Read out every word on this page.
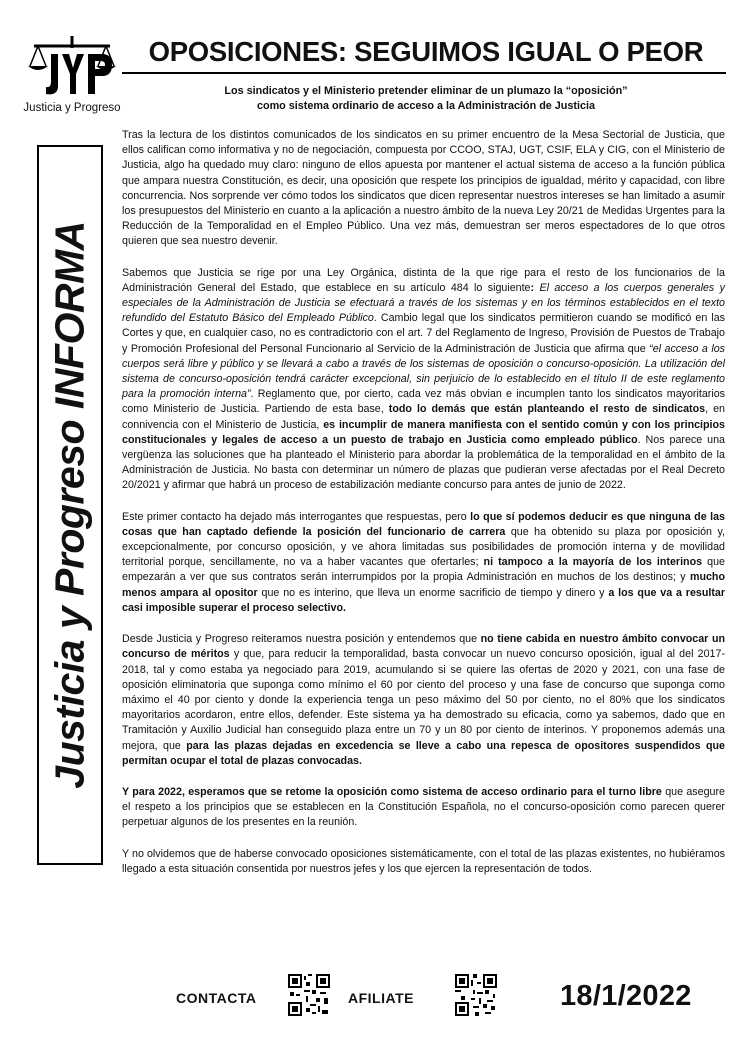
Justicia y Progreso
Justicia y Progreso INFORMA
OPOSICIONES: SEGUIMOS IGUAL O PEOR
Los sindicatos y el Ministerio pretender eliminar de un plumazo la “oposición”
como sistema ordinario de acceso a la Administración de Justicia

Tras la lectura de los distintos comunicados de los sindicatos en su primer encuentro de la Mesa Sectorial de Justicia, que ellos califican como informativa y no de negociación, compuesta por CCOO, STAJ, UGT, CSIF, ELA y CIG, con el Ministerio de Justicia, algo ha quedado muy claro: ninguno de ellos apuesta por mantener el actual sistema de acceso a la función pública que ampara nuestra Constitución, es decir, una oposición que respete los principios de igualdad, mérito y capacidad, con libre concurrencia. Nos sorprende ver cómo todos los sindicatos que dicen representar nuestros intereses se han limitado a asumir los presupuestos del Ministerio en cuanto a la aplicación a nuestro ámbito de la nueva Ley 20/21 de Medidas Urgentes para la Reducción de la Temporalidad en el Empleo Público. Una vez más, demuestran ser meros espectadores de lo que otros quieren que sea nuestro devenir.

Sabemos que Justicia se rige por una Ley Orgánica, distinta de la que rige para el resto de los funcionarios de la Administración General del Estado, que establece en su artículo 484 lo siguiente: El acceso a los cuerpos generales y especiales de la Administración de Justicia se efectuará a través de los sistemas y en los términos establecidos en el texto refundido del Estatuto Básico del Empleado Público. Cambio legal que los sindicatos permitieron cuando se modificó en las Cortes y que, en cualquier caso, no es contradictorio con el art. 7 del Reglamento de Ingreso, Provisión de Puestos de Trabajo y Promoción Profesional del Personal Funcionario al Servicio de la Administración de Justicia que afirma que “el acceso a los cuerpos será libre y público y se llevará a cabo a través de los sistemas de oposición o concurso-oposición. La utilización del sistema de concurso-oposición tendrá carácter excepcional, sin perjuicio de lo establecido en el título II de este reglamento para la promoción interna”. Reglamento que, por cierto, cada vez más obvian e incumplen tanto los sindicatos mayoritarios como Ministerio de Justicia. Partiendo de esta base, todo lo demás que están planteando el resto de sindicatos, en connivencia con el Ministerio de Justicia, es incumplir de manera manifiesta con el sentido común y con los principios constitucionales y legales de acceso a un puesto de trabajo en Justicia como empleado público. Nos parece una vergüenza las soluciones que ha planteado el Ministerio para abordar la problemática de la temporalidad en el ámbito de la Administración de Justicia. No basta con determinar un número de plazas que pudieran verse afectadas por el Real Decreto 20/2021 y afirmar que habrá un proceso de estabilización mediante concurso para antes de junio de 2022.

Este primer contacto ha dejado más interrogantes que respuestas, pero lo que sí podemos deducir es que ninguna de las cosas que han captado defiende la posición del funcionario de carrera que ha obtenido su plaza por oposición y, excepcionalmente, por concurso oposición, y ve ahora limitadas sus posibilidades de promoción interna y de movilidad territorial porque, sencillamente, no va a haber vacantes que ofertarles; ni tampoco a la mayoría de los interinos que empezarán a ver que sus contratos serán interrumpidos por la propia Administración en muchos de los destinos; y mucho menos ampara al opositor que no es interino, que lleva un enorme sacrificio de tiempo y dinero y a los que va a resultar casi imposible superar el proceso selectivo.

Desde Justicia y Progreso reiteramos nuestra posición y entendemos que no tiene cabida en nuestro ámbito convocar un concurso de méritos y que, para reducir la temporalidad, basta convocar un nuevo concurso oposición, igual al del 2017-2018, tal y como estaba ya negociado para 2019, acumulando si se quiere las ofertas de 2020 y 2021, con una fase de oposición eliminatoria que suponga como mínimo el 60 por ciento del proceso y una fase de concurso que suponga como máximo el 40 por ciento y donde la experiencia tenga un peso máximo del 50 por ciento, no el 80% que los sindicatos mayoritarios acordaron, entre ellos, defender. Este sistema ya ha demostrado su eficacia, como ya sabemos, dado que en Tramitación y Auxilio Judicial han conseguido plaza entre un 70 y un 80 por ciento de interinos. Y proponemos además una mejora, que para las plazas dejadas en excedencia se lleve a cabo una repesca de opositores suspendidos que permitan ocupar el total de plazas convocadas.

Y para 2022, esperamos que se retome la oposición como sistema de acceso ordinario para el turno libre que asegure el respeto a los principios que se establecen en la Constitución Española, no el concurso-oposición como parecen querer perpetuar algunos de los presentes en la reunión.

Y no olvidemos que de haberse convocado oposiciones sistemáticamente, con el total de las plazas existentes, no hubiéramos llegado a esta situación consentida por nuestros jefes y los que ejercen la representación de todos.

CONTACTA	AFILIATE	18/1/2022
